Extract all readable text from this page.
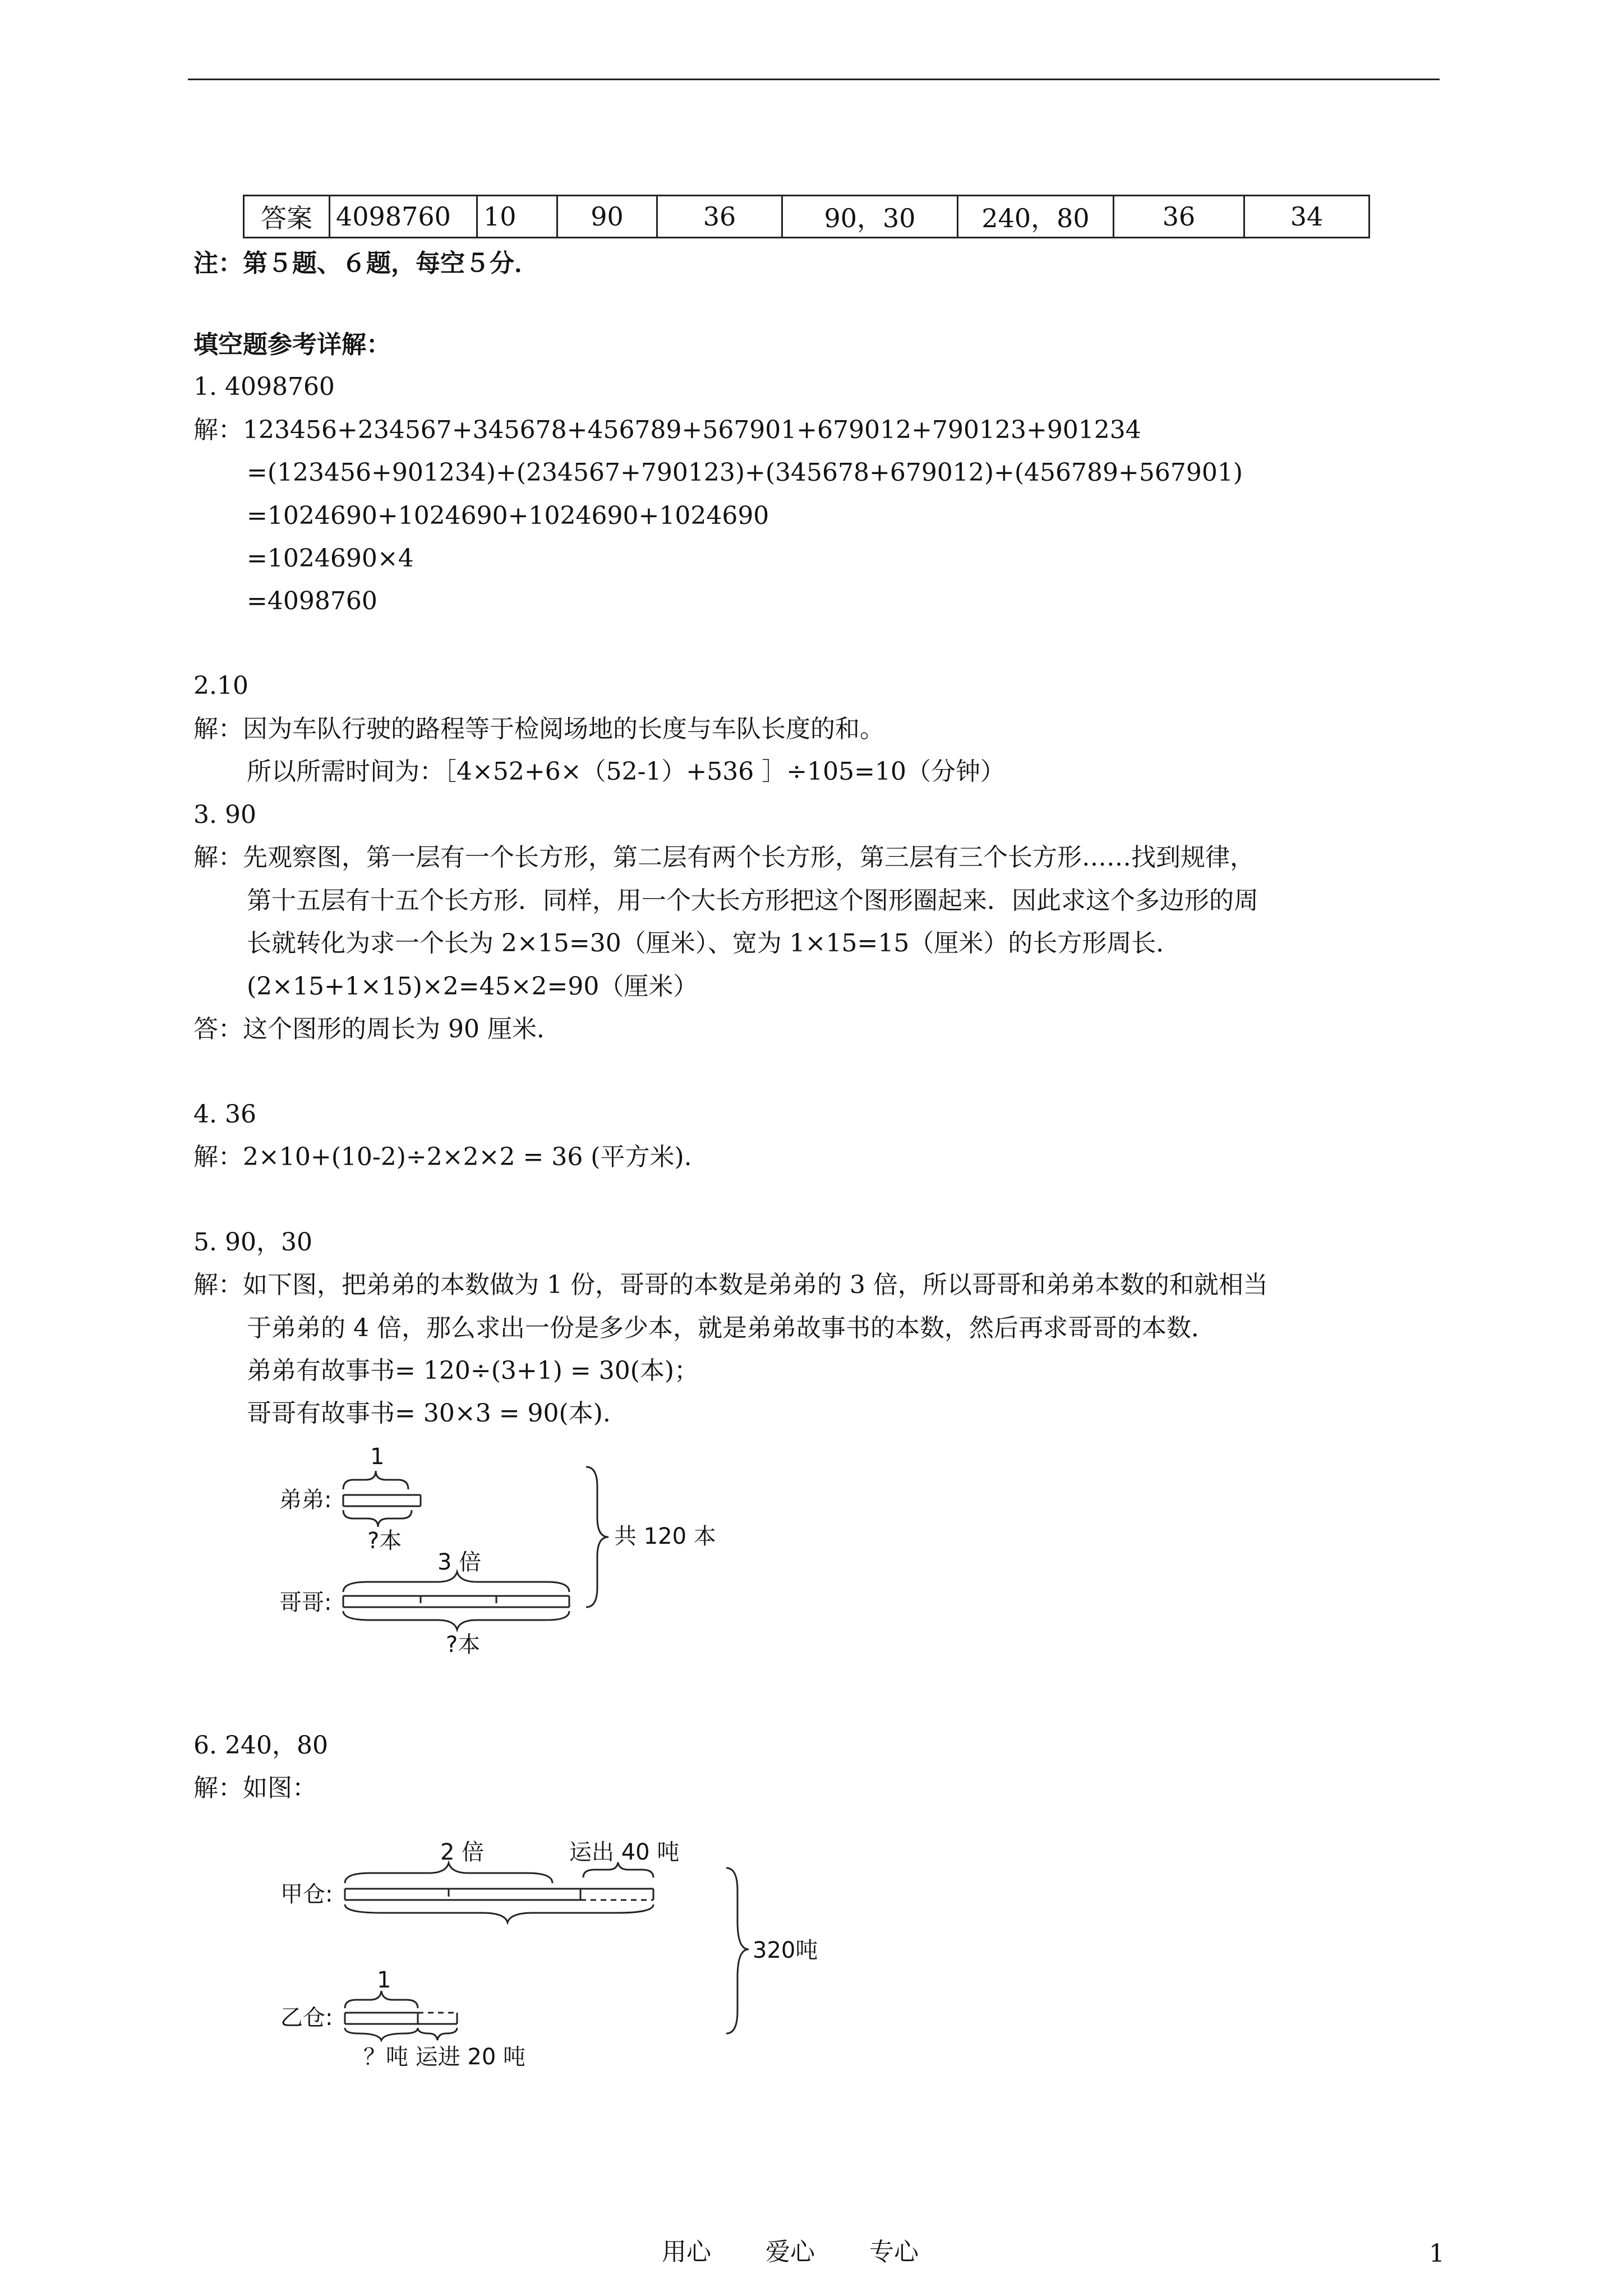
答案	4098760	10	90	36	90，30	240，80	36	34
注：第５题、６题，每空５分．
填空题参考详解：
1. 4098760
解：123456+234567+345678+456789+567901+679012+790123+901234
=(123456+901234)+(234567+790123)+(345678+679012)+(456789+567901)
=1024690+1024690+1024690+1024690
=1024690×4
=4098760
2.10
解：因为车队行驶的路程等于检阅场地的长度与车队长度的和。
所以所需时间为：［4×52+6×（52-1）+536 ］÷105=10（分钟）
3. 90
解：先观察图，第一层有一个长方形，第二层有两个长方形，第三层有三个长方形……找到规律，
第十五层有十五个长方形．同样，用一个大长方形把这个图形圈起来．因此求这个多边形的周
长就转化为求一个长为 2×15=30（厘米）、宽为 1×15=15（厘米）的长方形周长．
(2×15+1×15)×2=45×2=90（厘米）
答：这个图形的周长为 90 厘米．
4. 36
解：2×10+(10-2)÷2×2×2 = 36 (平方米).
5. 90，30
解：如下图，把弟弟的本数做为 1 份，哥哥的本数是弟弟的 3 倍，所以哥哥和弟弟本数的和就相当
于弟弟的 4 倍，那么求出一份是多少本，就是弟弟故事书的本数，然后再求哥哥的本数．
弟弟有故事书= 120÷(3+1) = 30(本)；
哥哥有故事书= 30×3 = 90(本).
1
弟弟:
?本
3 倍
哥哥:
?本
共 120 本
6. 240，80
解：如图：
2 倍	运出 40 吨
甲仓:
320吨
1
乙仓:
？吨 运进 20 吨
用心 爱心 专心	1
